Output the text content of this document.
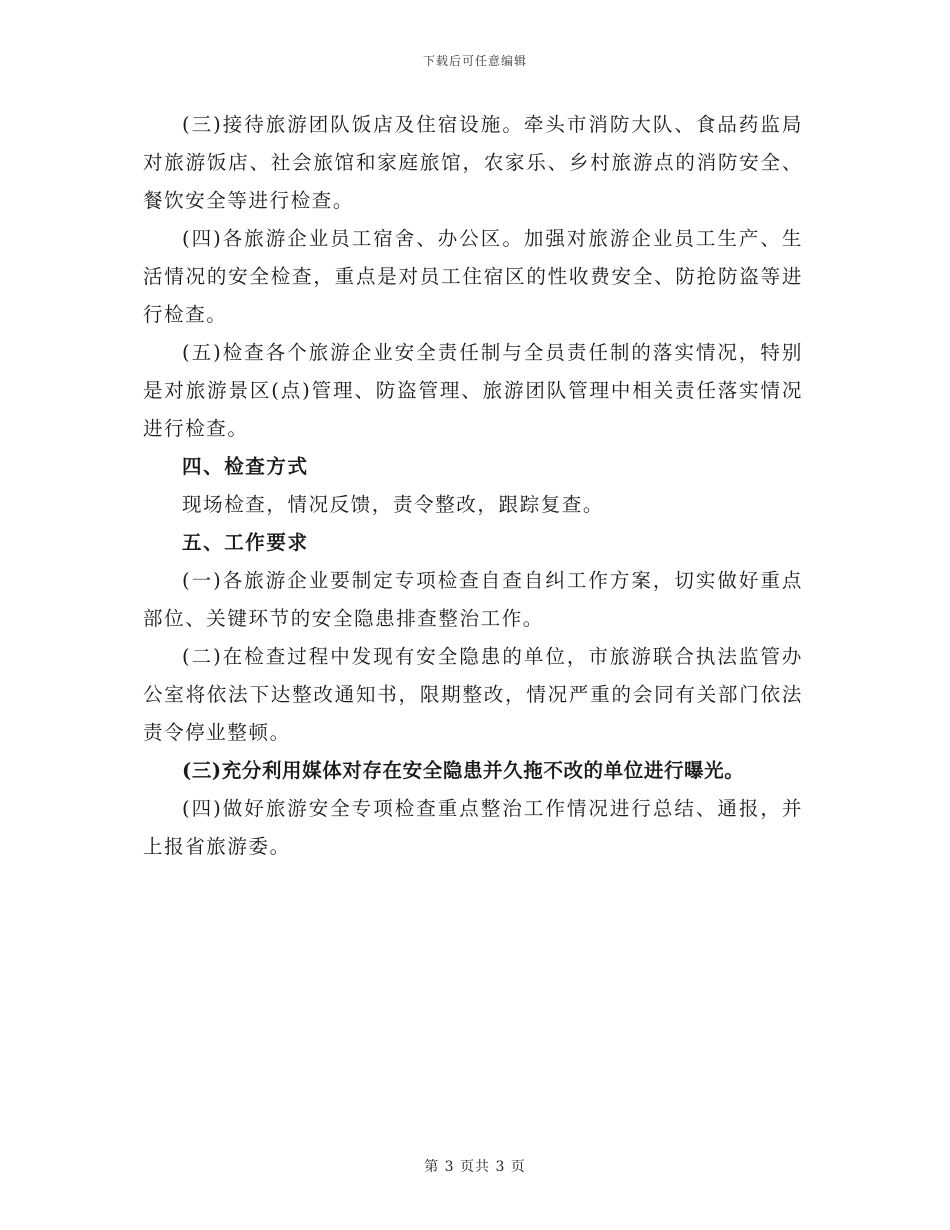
下载后可任意编辑

(三)接待旅游团队饭店及住宿设施。牵头市消防大队、食品药监局对旅游饭店、社会旅馆和家庭旅馆，农家乐、乡村旅游点的消防安全、餐饮安全等进行检查。

(四)各旅游企业员工宿舍、办公区。加强对旅游企业员工生产、生活情况的安全检查，重点是对员工住宿区的性收费安全、防抢防盗等进行检查。

(五)检查各个旅游企业安全责任制与全员责任制的落实情况，特别是对旅游景区(点)管理、防盗管理、旅游团队管理中相关责任落实情况进行检查。

四、检查方式

现场检查，情况反馈，责令整改，跟踪复查。

五、工作要求

(一)各旅游企业要制定专项检查自查自纠工作方案，切实做好重点部位、关键环节的安全隐患排查整治工作。

(二)在检查过程中发现有安全隐患的单位，市旅游联合执法监管办公室将依法下达整改通知书，限期整改，情况严重的会同有关部门依法责令停业整顿。

(三)充分利用媒体对存在安全隐患并久拖不改的单位进行曝光。

(四)做好旅游安全专项检查重点整治工作情况进行总结、通报，并上报省旅游委。

第 3 页共 3 页
